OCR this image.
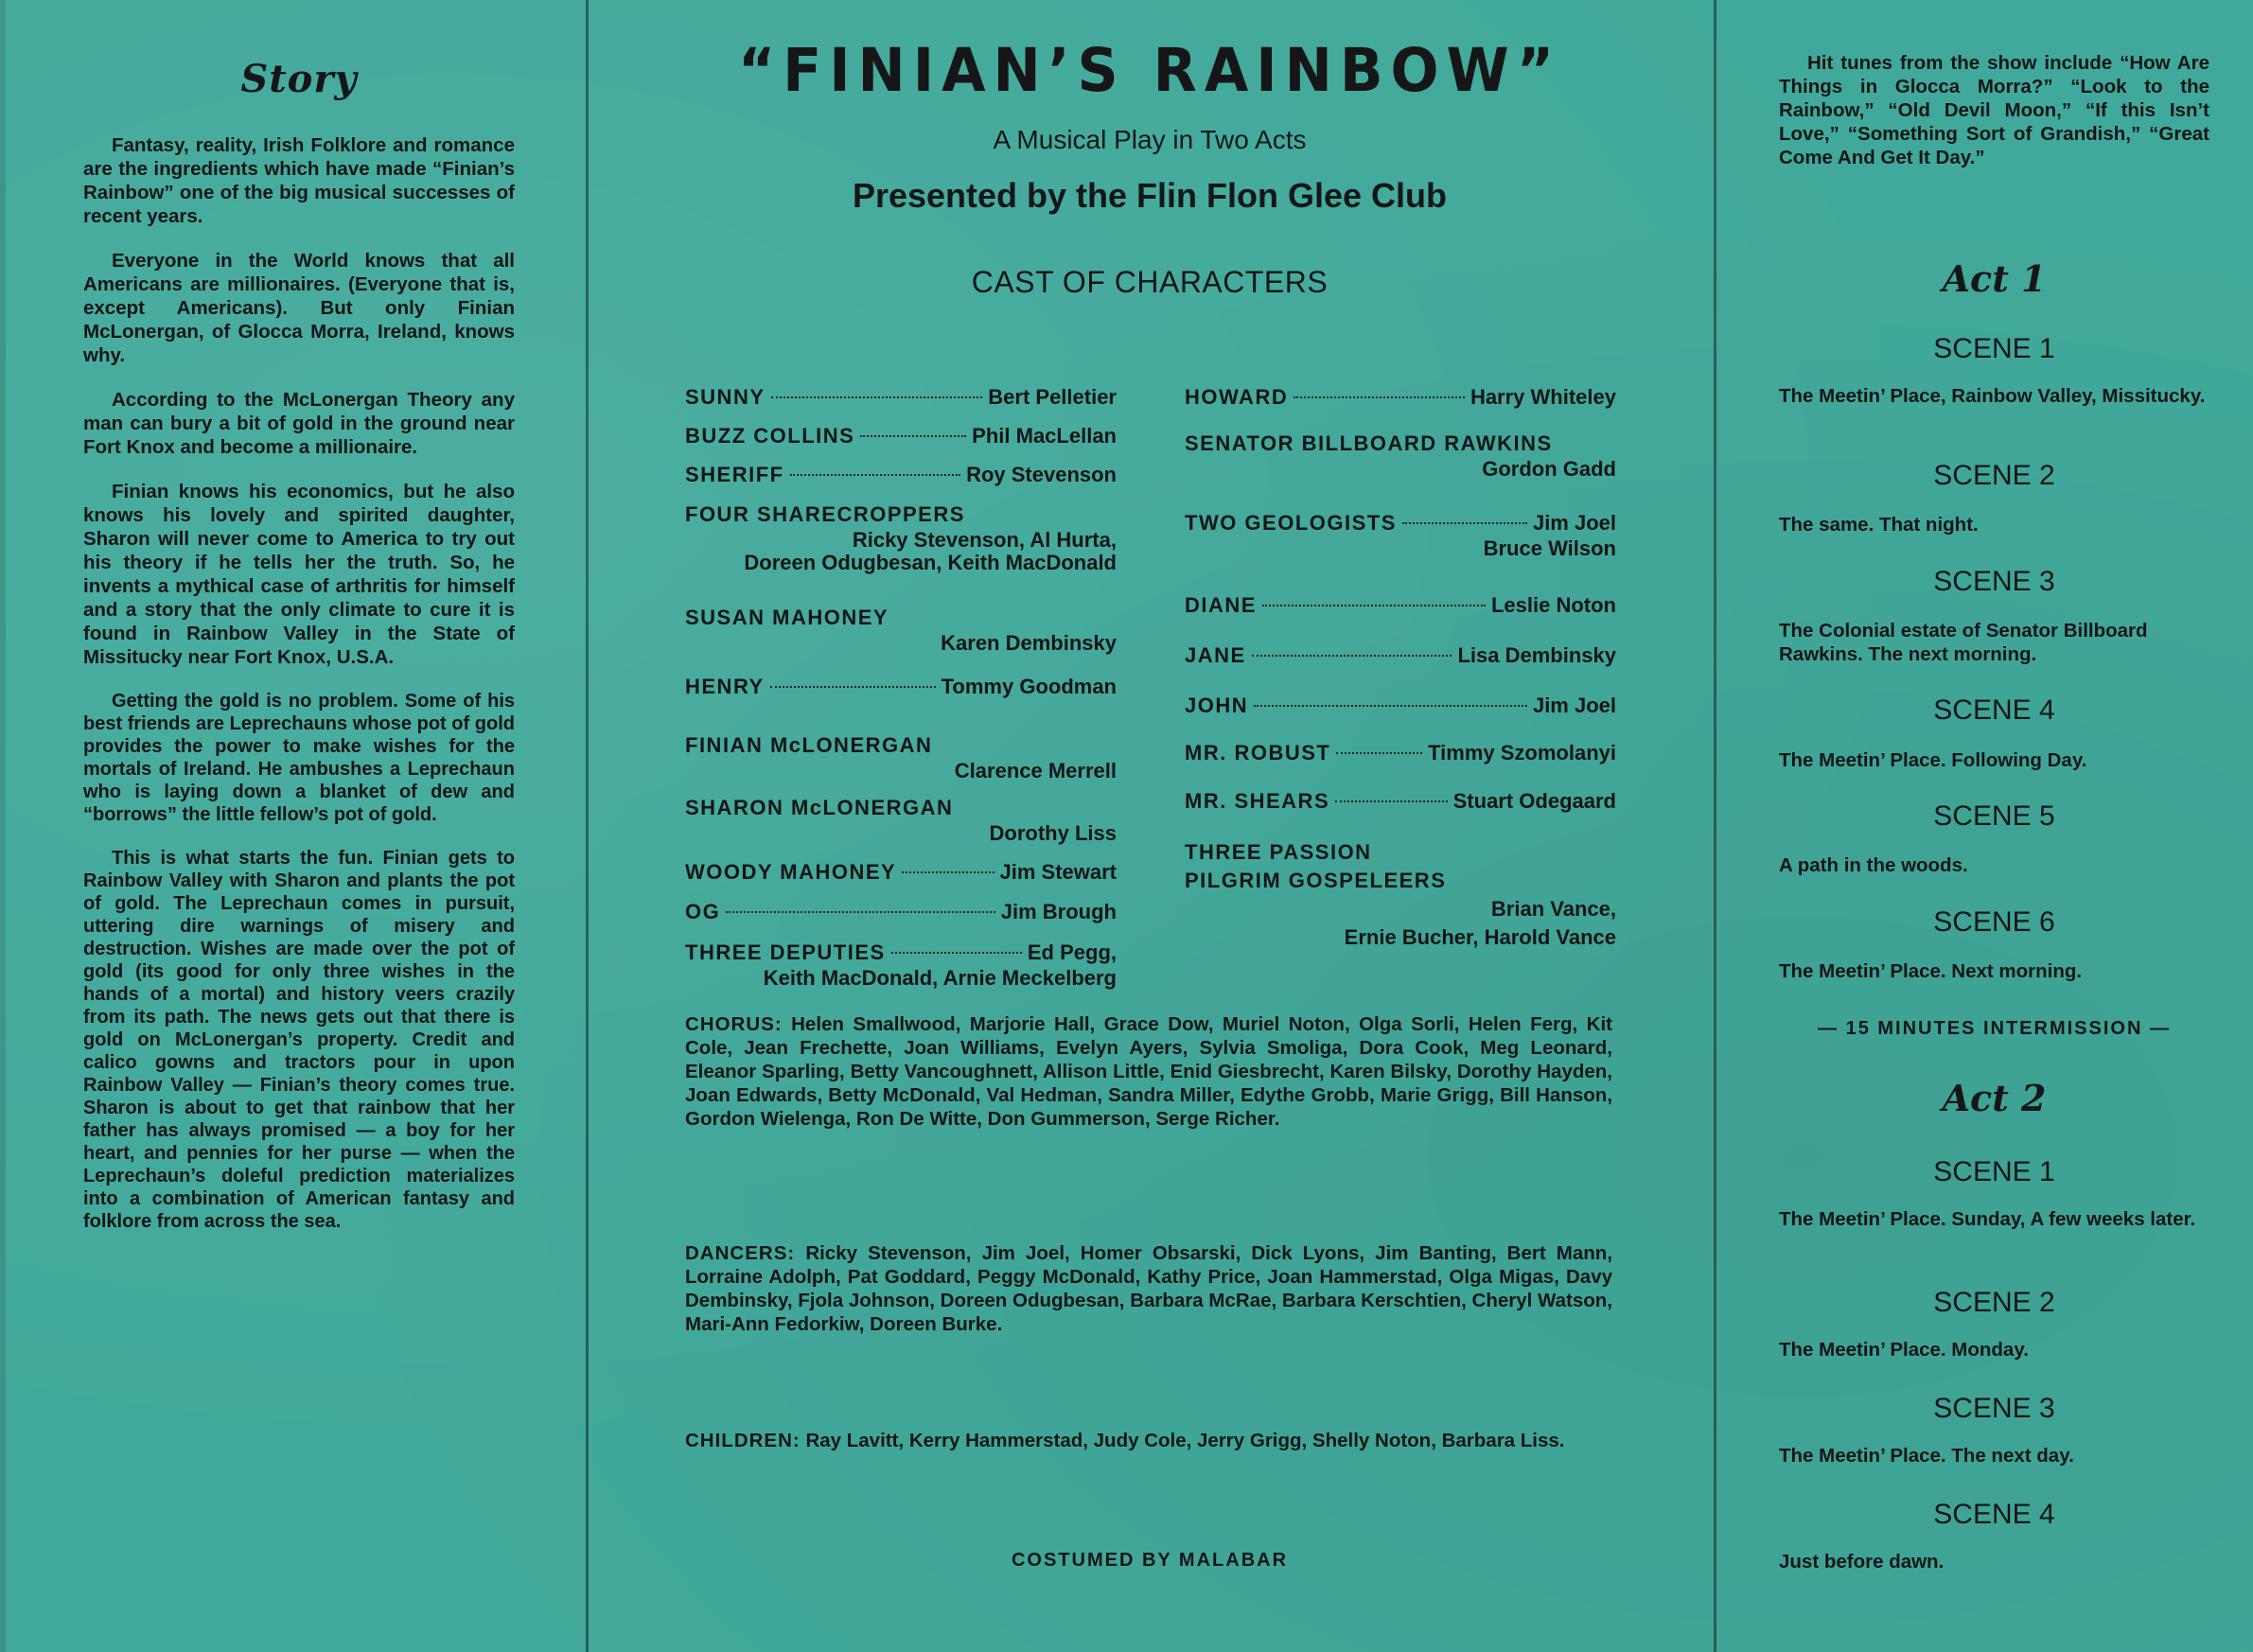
Story

Fantasy, reality, Irish Folklore and romance are the ingredients which have made “Finian’s Rainbow” one of the big musical successes of recent years.

Everyone in the World knows that all Americans are millionaires. (Everyone that is, except Americans). But only Finian McLonergan, of Glocca Morra, Ireland, knows why.

According to the McLonergan Theory any man can bury a bit of gold in the ground near Fort Knox and become a millionaire.

Finian knows his economics, but he also knows his lovely and spirited daughter, Sharon will never come to America to try out his theory if he tells her the truth. So, he invents a mythical case of arthritis for himself and a story that the only climate to cure it is found in Rainbow Valley in the State of Missitucky near Fort Knox, U.S.A.

Getting the gold is no problem. Some of his best friends are Leprechauns whose pot of gold provides the power to make wishes for the mortals of Ireland. He ambushes a Leprechaun who is laying down a blanket of dew and “borrows” the little fellow’s pot of gold.

This is what starts the fun. Finian gets to Rainbow Valley with Sharon and plants the pot of gold. The Leprechaun comes in pursuit, uttering dire warnings of misery and destruction. Wishes are made over the pot of gold (its good for only three wishes in the hands of a mortal) and history veers crazily from its path. The news gets out that there is gold on McLonergan’s property. Credit and calico gowns and tractors pour in upon Rainbow Valley — Finian’s theory comes true. Sharon is about to get that rainbow that her father has always promised — a boy for her heart, and pennies for her purse — when the Leprechaun’s doleful prediction materializes into a combination of American fantasy and folklore from across the sea.

“FINIAN’S RAINBOW”
A Musical Play in Two Acts
Presented by the Flin Flon Glee Club
CAST OF CHARACTERS
SUNNY	Bert Pelletier
BUZZ COLLINS	Phil MacLellan
SHERIFF	Roy Stevenson
FOUR SHARECROPPERS
Ricky Stevenson, Al Hurta,
Doreen Odugbesan, Keith MacDonald
SUSAN MAHONEY
Karen Dembinsky
HENRY	Tommy Goodman
FINIAN McLONERGAN
Clarence Merrell
SHARON McLONERGAN
Dorothy Liss
WOODY MAHONEY	Jim Stewart
OG	Jim Brough
THREE DEPUTIES	Ed Pegg,
Keith MacDonald, Arnie Meckelberg
HOWARD	Harry Whiteley
SENATOR BILLBOARD RAWKINS
Gordon Gadd
TWO GEOLOGISTS	Jim Joel
Bruce Wilson
DIANE	Leslie Noton
JANE	Lisa Dembinsky
JOHN	Jim Joel
MR. ROBUST	Timmy Szomolanyi
MR. SHEARS	Stuart Odegaard
THREE PASSION
PILGRIM GOSPELEERS
Brian Vance,
Ernie Bucher, Harold Vance
CHORUS: Helen Smallwood, Marjorie Hall, Grace Dow, Muriel Noton, Olga Sorli, Helen Ferg, Kit Cole, Jean Frechette, Joan Williams, Evelyn Ayers, Sylvia Smoliga, Dora Cook, Meg Leonard, Eleanor Sparling, Betty Vancoughnett, Allison Little, Enid Giesbrecht, Karen Bilsky, Dorothy Hayden, Joan Edwards, Betty McDonald, Val Hedman, Sandra Miller, Edythe Grobb, Marie Grigg, Bill Hanson, Gordon Wielenga, Ron De Witte, Don Gummerson, Serge Richer.
DANCERS: Ricky Stevenson, Jim Joel, Homer Obsarski, Dick Lyons, Jim Banting, Bert Mann, Lorraine Adolph, Pat Goddard, Peggy McDonald, Kathy Price, Joan Hammerstad, Olga Migas, Davy Dembinsky, Fjola Johnson, Doreen Odugbesan, Barbara McRae, Barbara Kerschtien, Cheryl Watson, Mari-Ann Fedorkiw, Doreen Burke.
CHILDREN: Ray Lavitt, Kerry Hammerstad, Judy Cole, Jerry Grigg, Shelly Noton, Barbara Liss.
COSTUMED BY MALABAR

Hit tunes from the show include “How Are Things in Glocca Morra?” “Look to the Rainbow,” “Old Devil Moon,” “If this Isn’t Love,” “Something Sort of Grandish,” “Great Come And Get It Day.”

Act 1
SCENE 1

The Meetin’ Place, Rainbow Valley, Missitucky.

SCENE 2

The same. That night.

SCENE 3

The Colonial estate of Senator Billboard Rawkins. The next morning.

SCENE 4

The Meetin’ Place. Following Day.

SCENE 5

A path in the woods.

SCENE 6

The Meetin’ Place. Next morning.

— 15 MINUTES INTERMISSION —

Act 2
SCENE 1

The Meetin’ Place. Sunday, A few weeks later.

SCENE 2

The Meetin’ Place. Monday.

SCENE 3

The Meetin’ Place. The next day.

SCENE 4

Just before dawn.
